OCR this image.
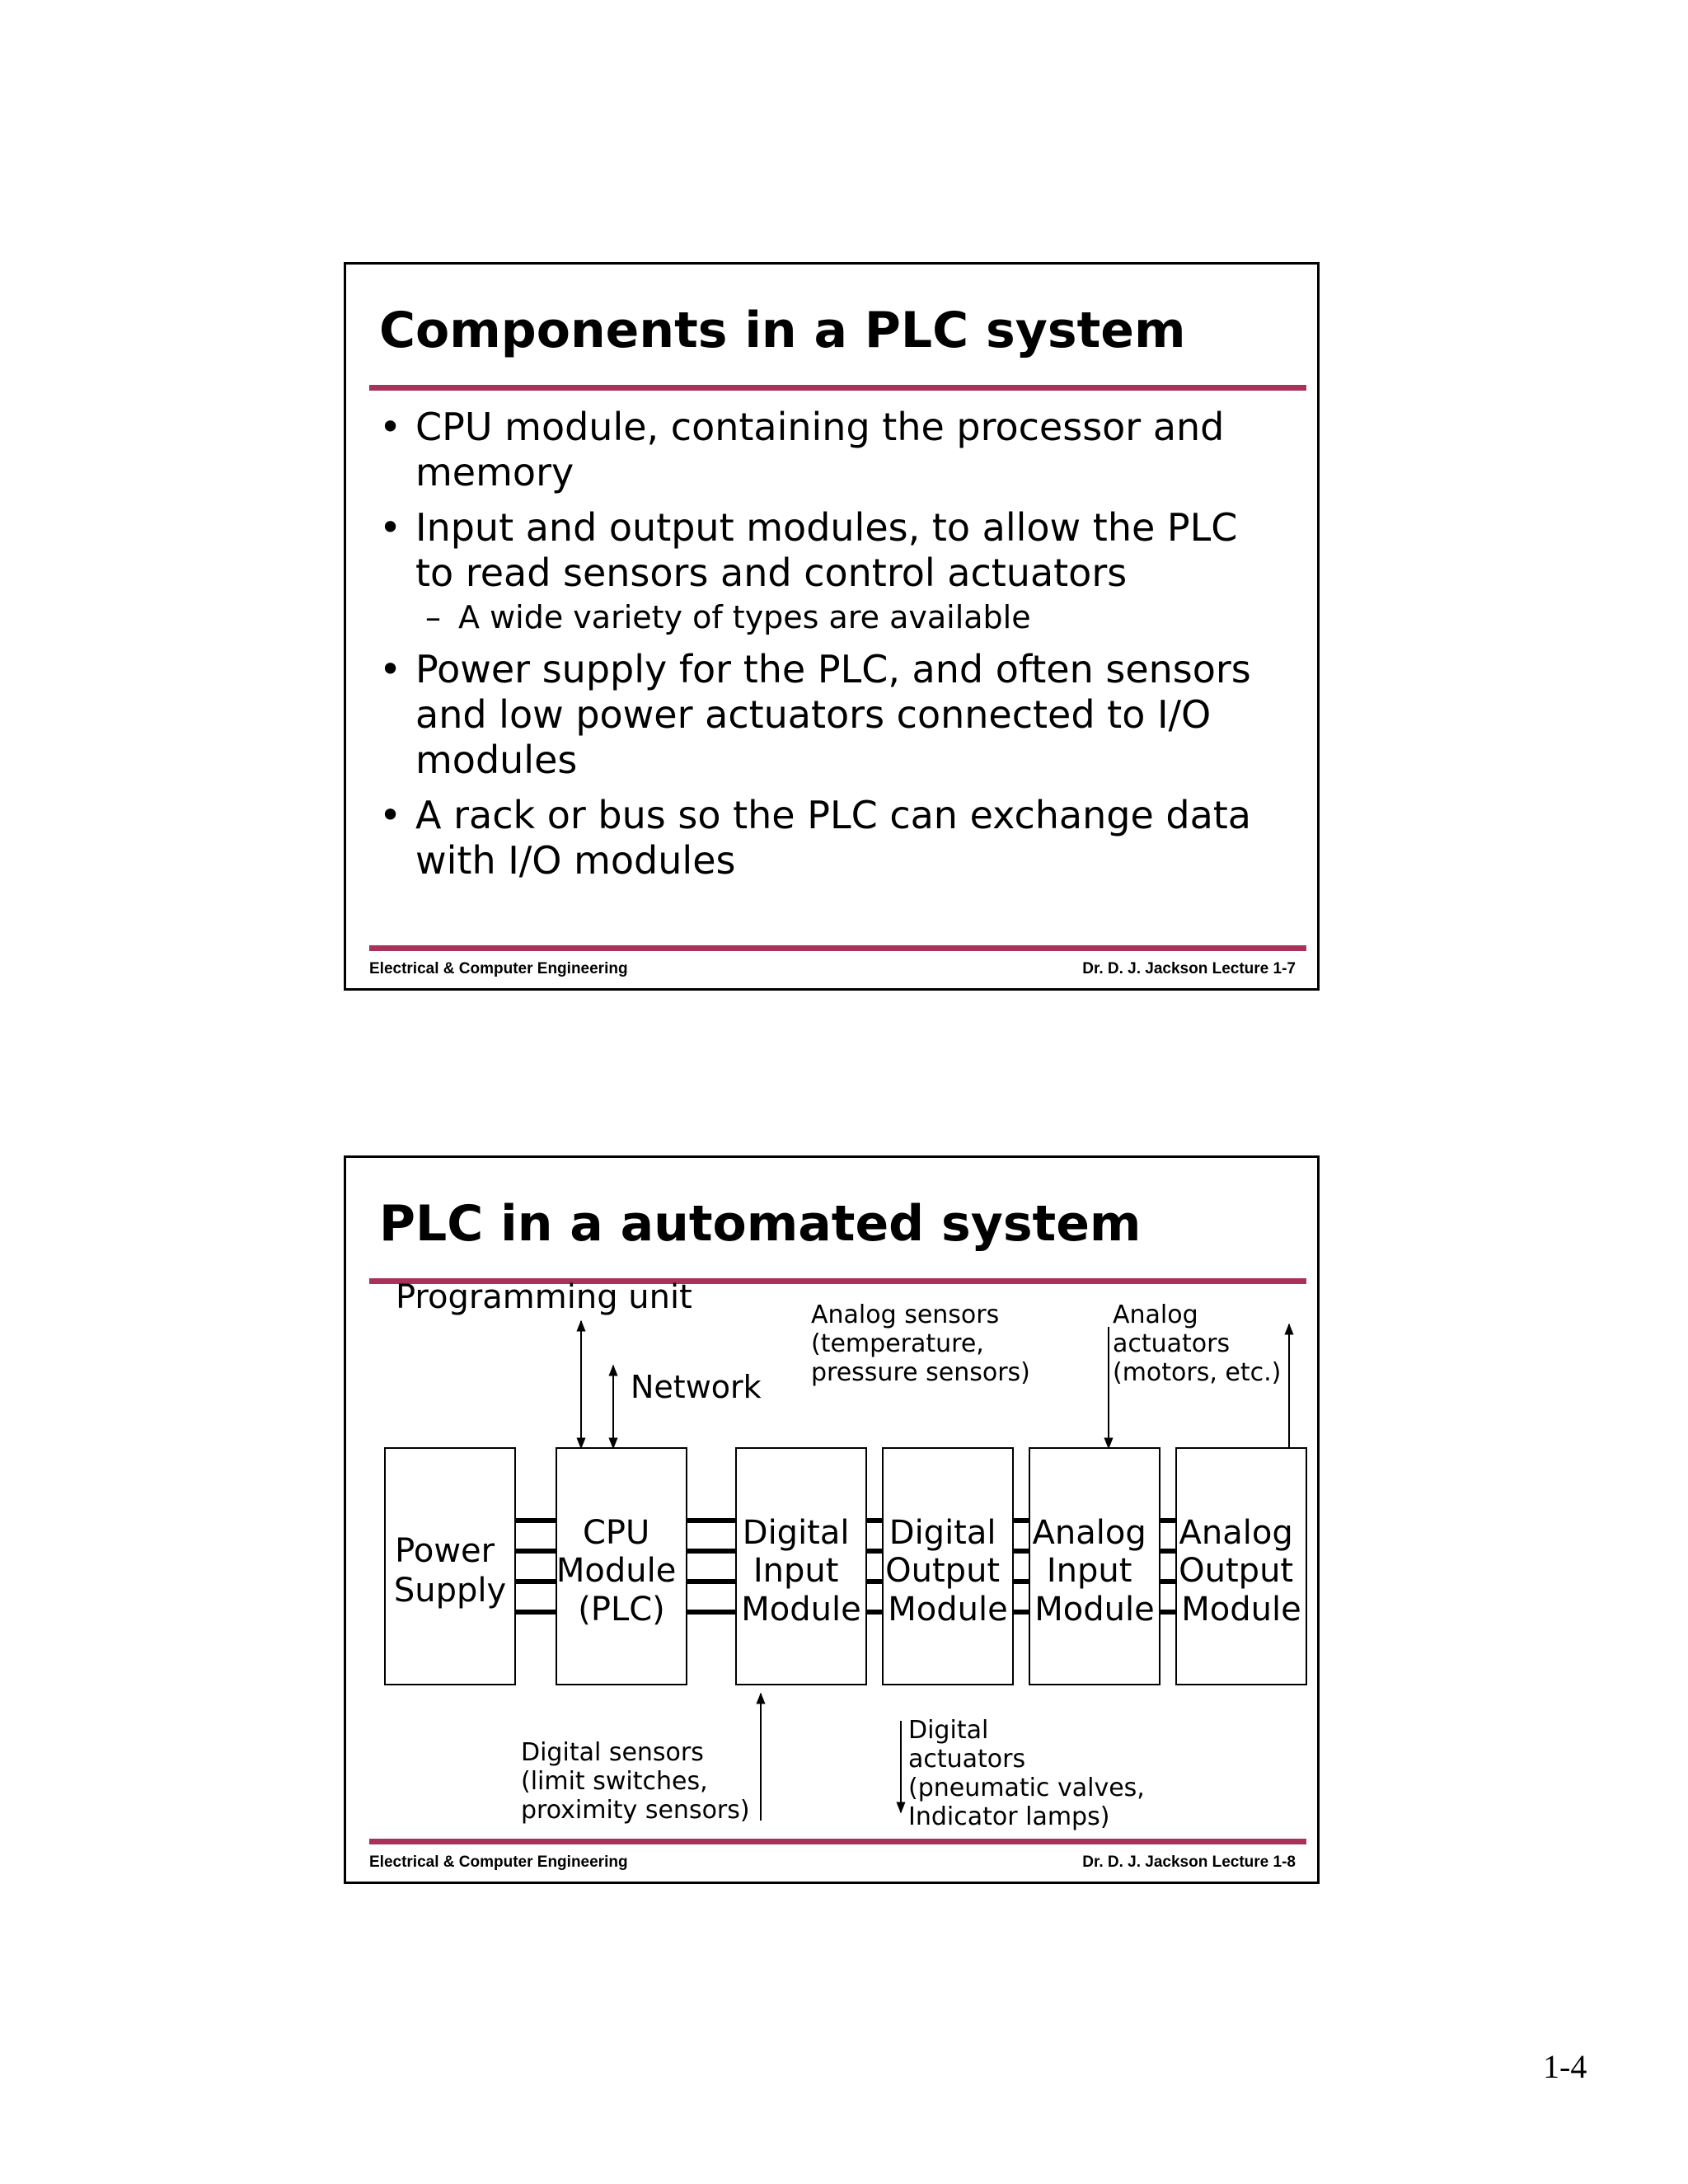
Components in a PLC system
• CPU module, containing the processor and
memory
• Input and output modules, to allow the PLC
to read sensors and control actuators
– A wide variety of types are available
• Power supply for the PLC, and often sensors
and low power actuators connected to I/O
modules
• A rack or bus so the PLC can exchange data
with I/O modules

Electrical & Computer Engineering	Dr. D. J. Jackson Lecture 1-7

PLC in a automated system
Power Supply
CPU Module (PLC)
Digital Input Module
Digital Output Module
Analog Input Module
Analog Output Module
Programming unit
Network
Analog sensors (temperature, pressure sensors)
Analog actuators (motors, etc.)
Digital sensors (limit switches, proximity sensors)
Digital actuators (pneumatic valves, Indicator lamps)

Electrical & Computer Engineering	Dr. D. J. Jackson Lecture 1-8

1-4
